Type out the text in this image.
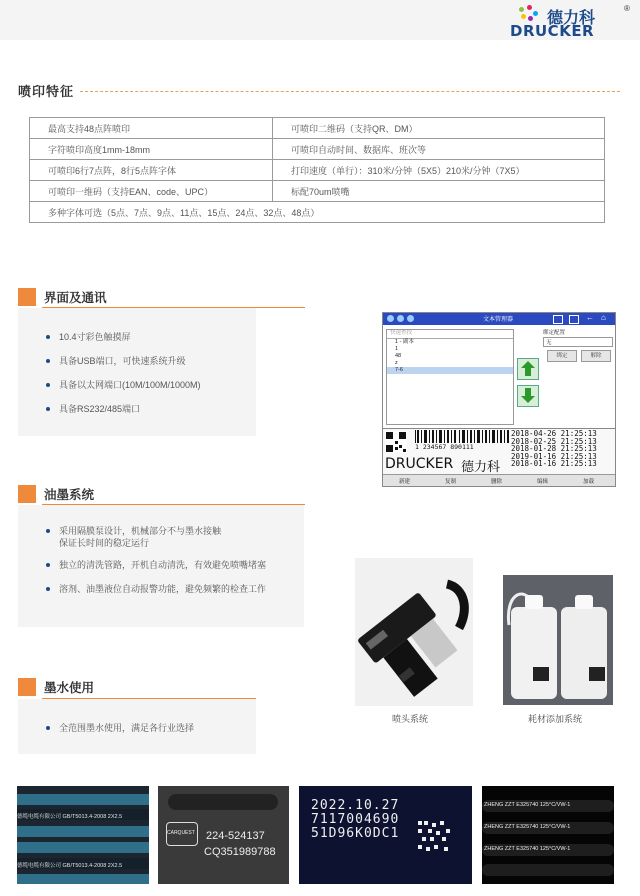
德力科
®
DRUCKER
喷印特征
最高支持48点阵喷印	可喷印二维码（支持QR、DM）
字符喷印高度1mm-18mm	可喷印自动时间、数据库、班次等
可喷印6行7点阵，8行5点阵字体	打印速度（单行）：310米/分钟（5X5）210米/分钟（7X5）
可喷印一维码（支持EAN、code、UPC）	标配70um喷嘴
多种字体可选（5点、7点、9点、11点、15点、24点、32点、48点）	
界面及通讯
10.4寸彩色触摸屏
具备USB端口，可快速系统升级
具备以太网端口(10M/100M/1000M)
具备RS232/485端口
文本管理器	← ⌂
快速查找
1 - 副本
1
48
z
7-6
绑定配置
无
绑定	解除
2018-04-26 21:25:13
2018-02-25 21:25:13
2018-01-28 21:25:13
2019-01-16 21:25:13
2018-01-16 21:25:13
1 234567 890111
DRUCKER 德力科
新建	复制	删除	编辑	加载
油墨系统
采用隔膜泵设计，机械部分不与墨水接触
保证长时间的稳定运行
独立的清洗管路，开机自动清洗，有效避免喷嘴堵塞
溶剂、油墨液位自动报警功能，避免频繁的检查工作
喷头系统	耗材添加系统
墨水使用
全范围墨水使用，满足各行业选择
德缆电缆有限公司 GB/T5013.4-2008 2X2.5
德缆电缆有限公司 GB/T5013.4-2008 2X2.5
CARQUEST 224-524137
CQ351989788
2022.10.27
7117004690
51D96K0DC1
ZHENG ZZT E325740 125°C/VW-1
ZHENG ZZT E325740 125°C/VW-1
ZHENG ZZT E325740 125°C/VW-1
